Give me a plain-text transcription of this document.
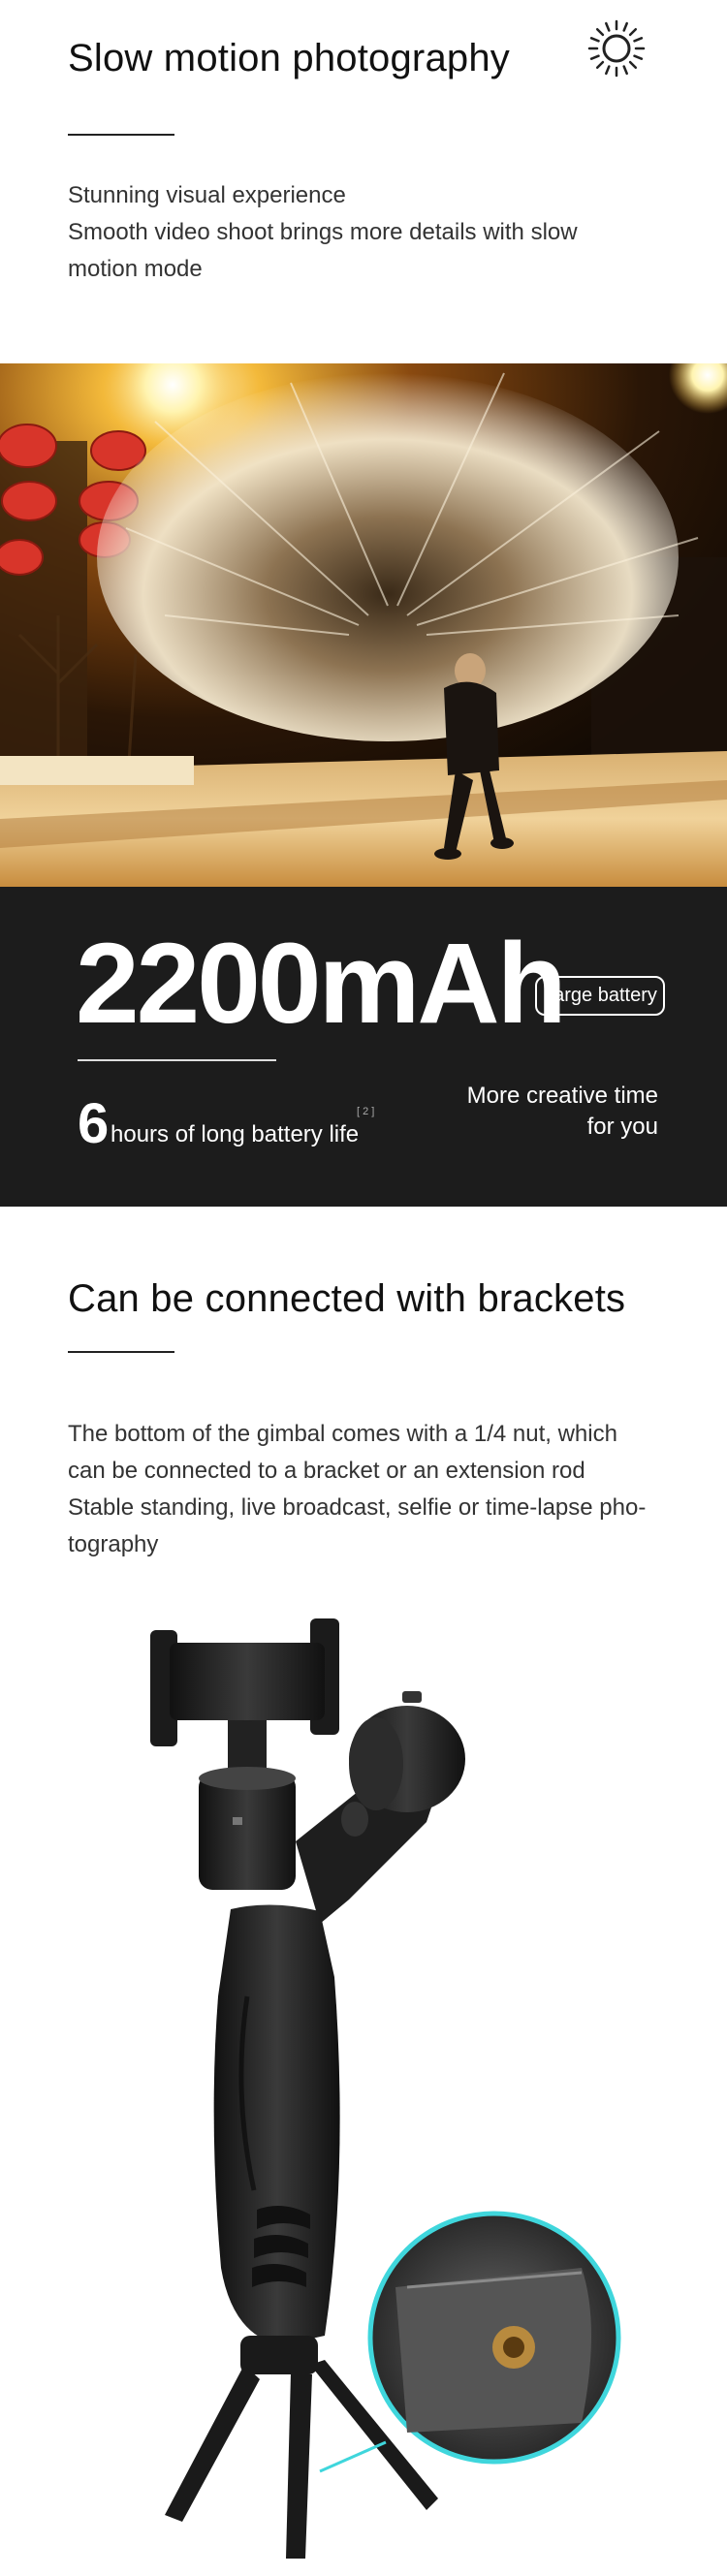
Slow motion photography
Stunning visual experience
Smooth video shoot brings more details with slow
motion mode
2200mAh
Large battery
6 hours of long battery life
[ 2 ]
More creative time
for you
Can be connected with brackets
The bottom of the gimbal comes with a 1/4 nut, which
can be connected to a bracket or an extension rod
Stable standing, live broadcast, selfie or time-lapse pho-
tography
